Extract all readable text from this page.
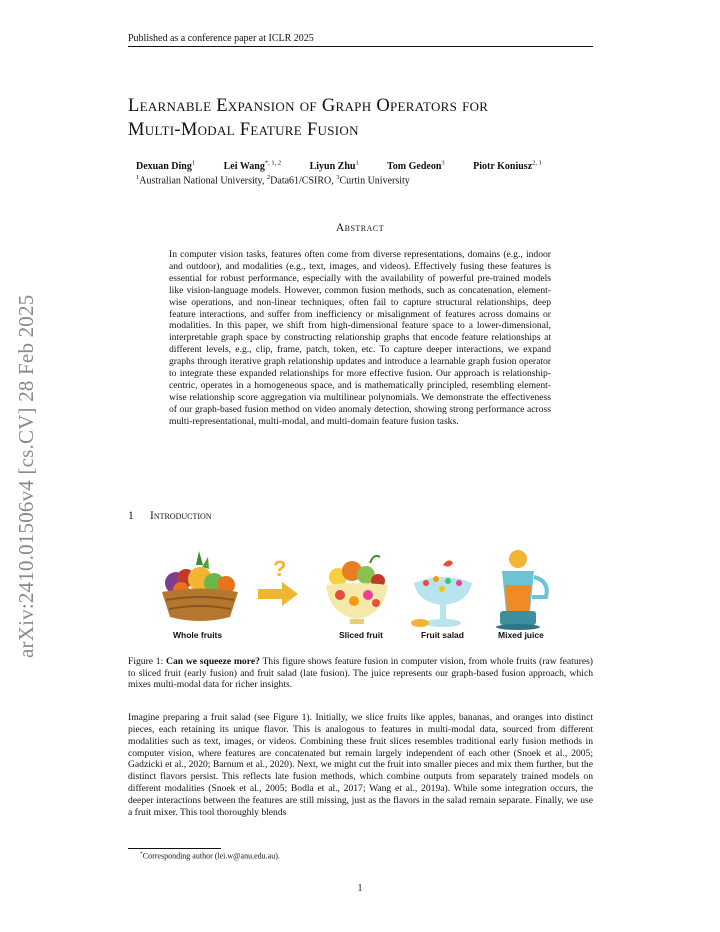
Published as a conference paper at ICLR 2025
arXiv:2410.01506v4 [cs.CV] 28 Feb 2025
Learnable Expansion of Graph Operators for
Multi-Modal Feature Fusion
Dexuan Ding$^1$	Lei Wang$^{*, 1, 2}$	Liyun Zhu$^1$	Tom Gedeon$^3$	Piotr Koniusz$^{2, 1}$
$^1$Australian National University, $^2$Data61/CSIRO, $^3$Curtin University
Abstract
In computer vision tasks, features often come from diverse representations, domains (e.g., indoor and outdoor), and modalities (e.g., text, images, and videos). Effectively fusing these features is essential for robust performance, especially with the availability of powerful pre-trained models like vision-language models. However, common fusion methods, such as concatenation, element-wise operations, and non-linear techniques, often fail to capture structural relationships, deep feature interactions, and suffer from inefficiency or misalignment of features across domains or modalities. In this paper, we shift from high-dimensional feature space to a lower-dimensional, interpretable graph space by constructing relationship graphs that encode feature relationships at different levels, e.g., clip, frame, patch, token, etc. To capture deeper interactions, we expand graphs through iterative graph relationship updates and introduce a learnable graph fusion operator to integrate these expanded relationships for more effective fusion. Our approach is relationship-centric, operates in a homogeneous space, and is mathematically principled, resembling element-wise relationship score aggregation via multilinear polynomials. We demonstrate the effectiveness of our graph-based fusion method on video anomaly detection, showing strong performance across multi-representational, multi-modal, and multi-domain feature fusion tasks.
1 Introduction
?
Whole fruits	Sliced fruit	Fruit salad	Mixed juice
Figure 1: Can we squeeze more? This figure shows feature fusion in computer vision, from whole fruits (raw features) to sliced fruit (early fusion) and fruit salad (late fusion). The juice represents our graph-based fusion approach, which mixes multi-modal data for richer insights.
Imagine preparing a fruit salad (see Figure 1). Initially, we slice fruits like apples, bananas, and oranges into distinct pieces, each retaining its unique flavor. This is analogous to features in multi-modal data, sourced from different modalities such as text, images, or videos. Combining these fruit slices resembles traditional early fusion methods in computer vision, where features are concatenated but remain largely independent of each other (Snoek et al., 2005; Gadzicki et al., 2020; Barnum et al., 2020). Next, we might cut the fruit into smaller pieces and mix them further, but the distinct flavors persist. This reflects late fusion methods, which combine outputs from separately trained models on different modalities (Snoek et al., 2005; Bodla et al., 2017; Wang et al., 2019a). While some integration occurs, the deeper interactions between the features are still missing, just as the flavors in the salad remain separate. Finally, we use a fruit mixer. This tool thoroughly blends
*Corresponding author (lei.w@anu.edu.au).
1
